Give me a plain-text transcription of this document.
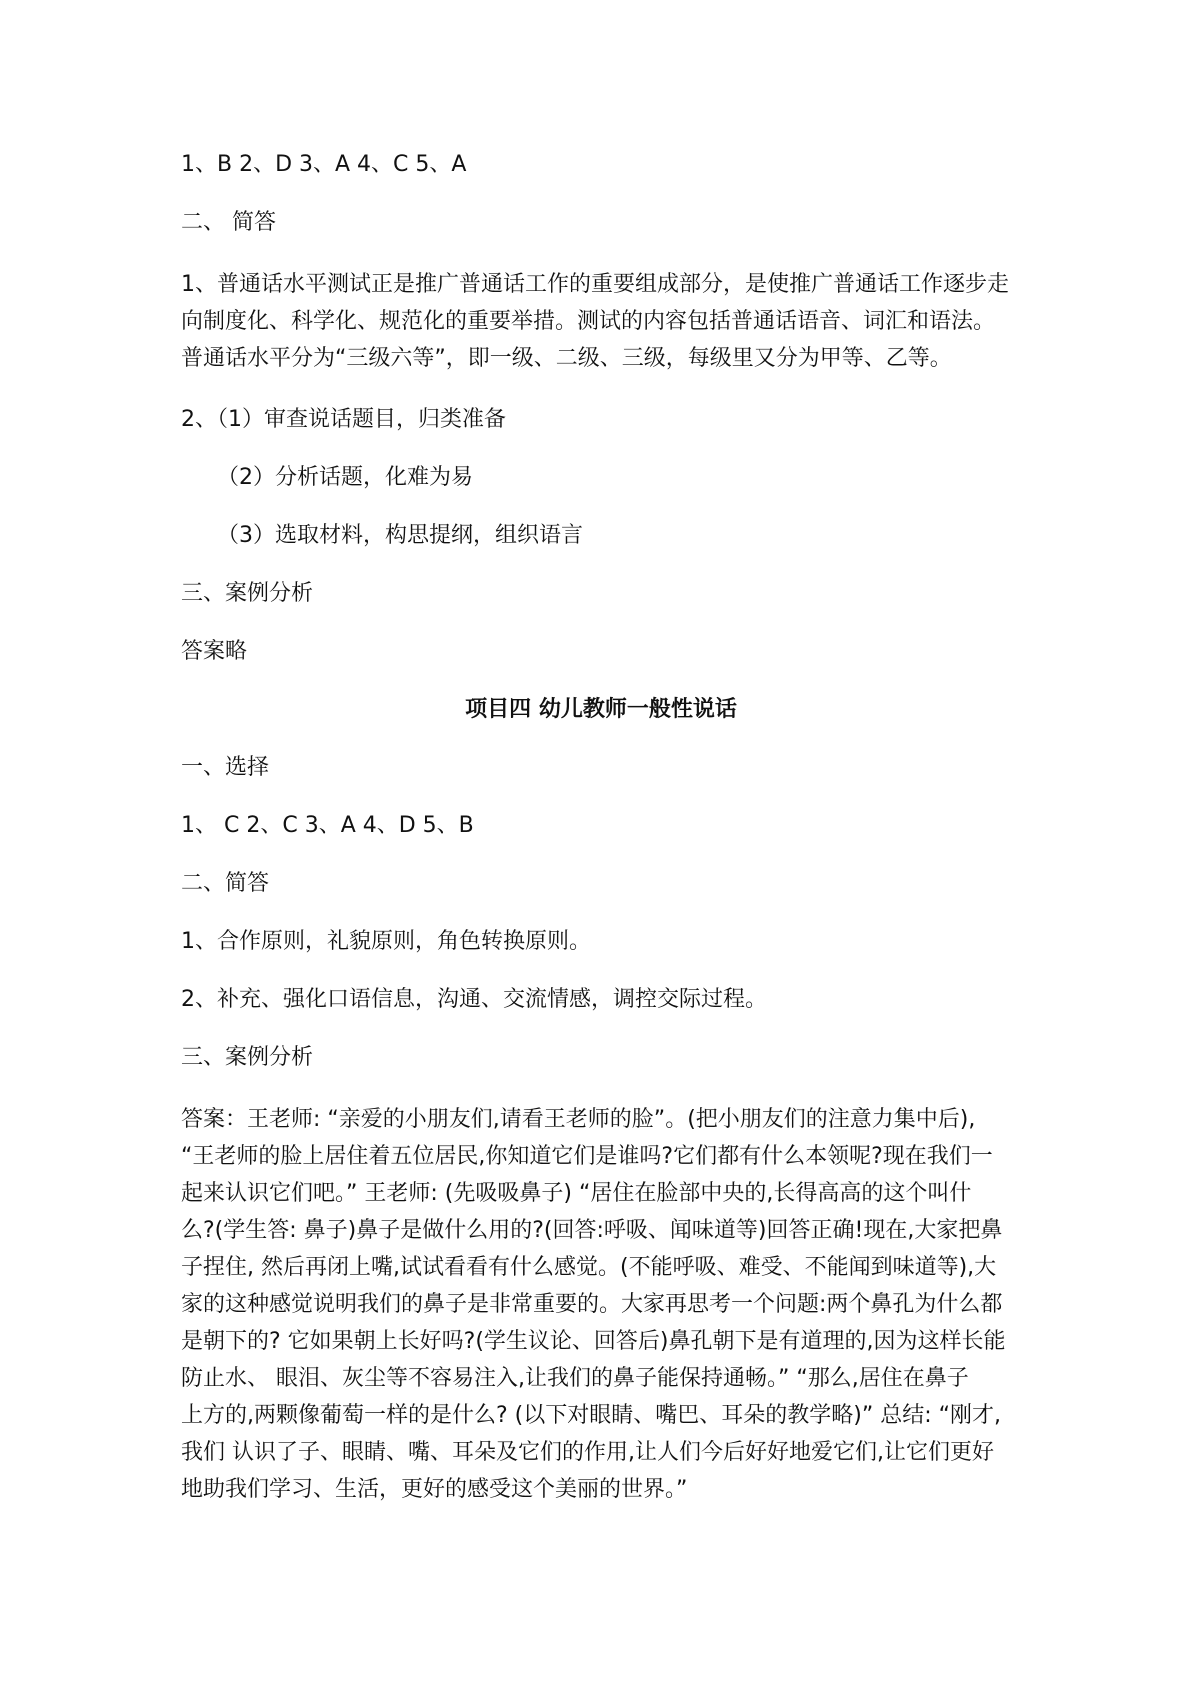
1、B 2、D 3、A 4、C 5、A

二、 简答

1、普通话水平测试正是推广普通话工作的重要组成部分，是使推广普通话工作逐步走

向制度化、科学化、规范化的重要举措。测试的内容包括普通话语音、词汇和语法。

普通话水平分为“三级六等”，即一级、二级、三级，每级里又分为甲等、乙等。

2、（1）审查说话题目，归类准备

（2）分析话题，化难为易

（3）选取材料，构思提纲，组织语言

三、案例分析

答案略

项目四 幼儿教师一般性说话

一、选择

1、 C 2、C 3、A 4、D 5、B

二、简答

1、合作原则，礼貌原则，角色转换原则。

2、补充、强化口语信息，沟通、交流情感，调控交际过程。

三、案例分析

答案：王老师: “亲爱的小朋友们,请看王老师的脸”。(把小朋友们的注意力集中后),

“王老师的脸上居住着五位居民,你知道它们是谁吗?它们都有什么本领呢?现在我们一

起来认识它们吧。” 王老师: (先吸吸鼻子) “居住在脸部中央的,长得高高的这个叫什

么?(学生答: 鼻子)鼻子是做什么用的?(回答:呼吸、闻味道等)回答正确!现在,大家把鼻

子捏住, 然后再闭上嘴,试试看看有什么感觉。(不能呼吸、难受、不能闻到味道等),大

家的这种感觉说明我们的鼻子是非常重要的。大家再思考一个问题:两个鼻孔为什么都

是朝下的? 它如果朝上长好吗?(学生议论、回答后)鼻孔朝下是有道理的,因为这样长能

防止水、 眼泪、灰尘等不容易注入,让我们的鼻子能保持通畅。” “那么,居住在鼻子

上方的,两颗像葡萄一样的是什么? (以下对眼睛、嘴巴、耳朵的教学略)” 总结: “刚才,

我们 认识了子、眼睛、嘴、耳朵及它们的作用,让人们今后好好地爱它们,让它们更好

地助我们学习、生活，更好的感受这个美丽的世界。”
